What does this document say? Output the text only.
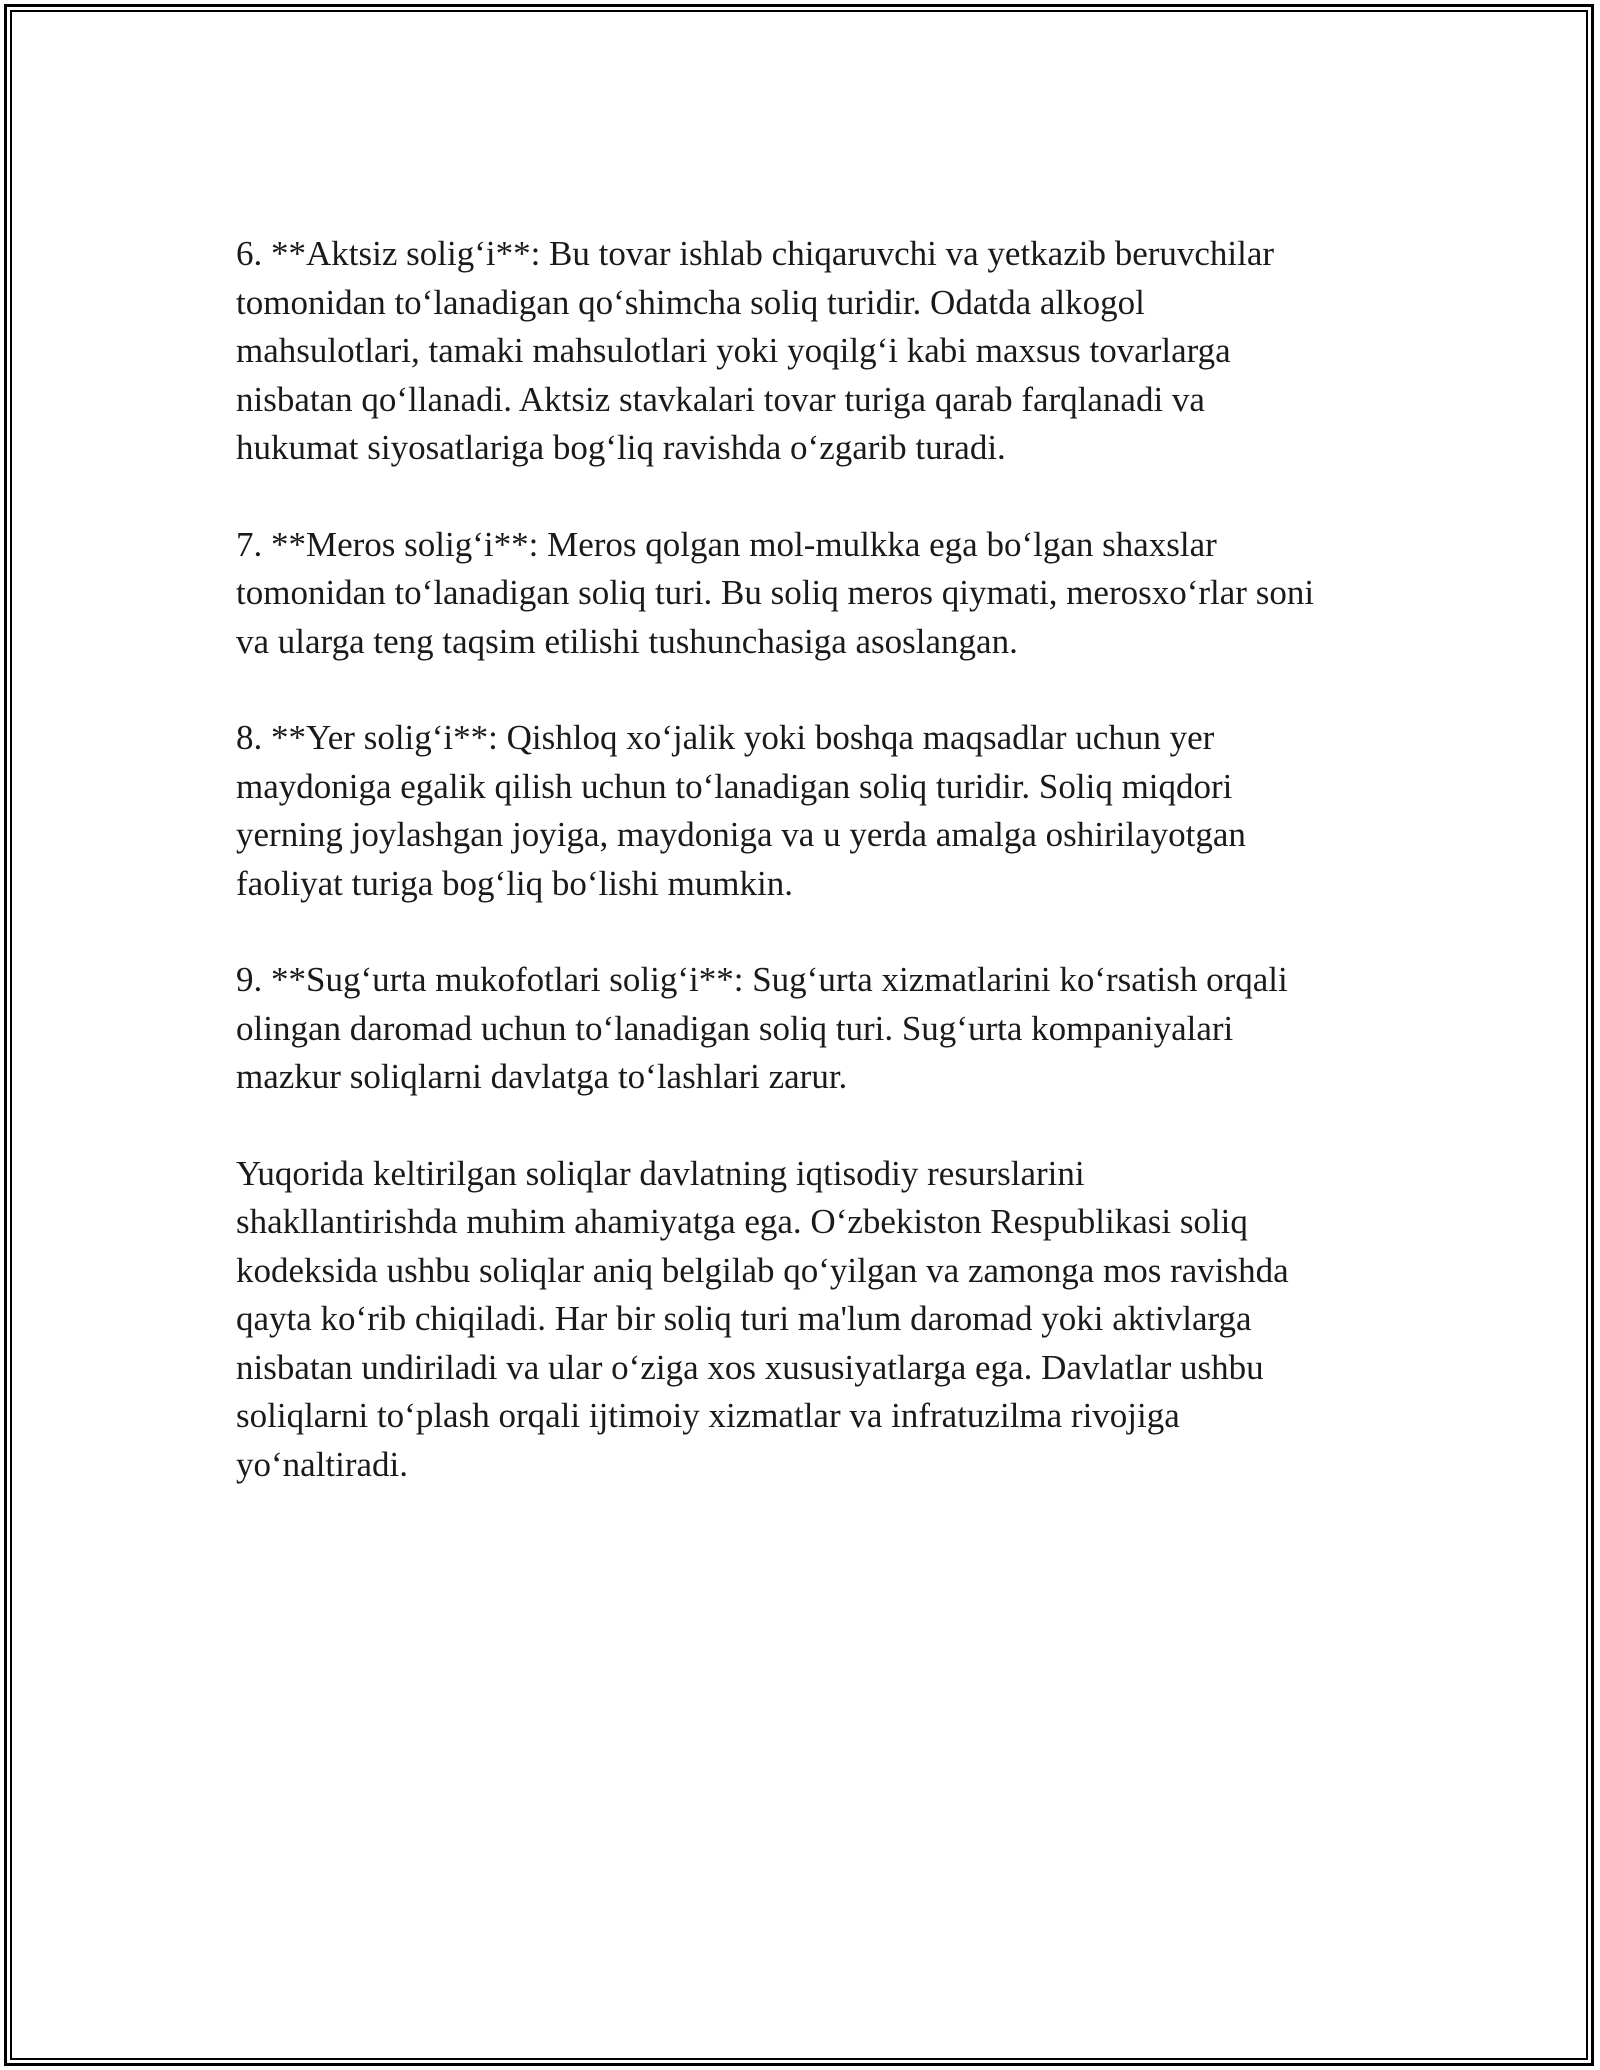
6. **Aktsiz solig‘i**: Bu tovar ishlab chiqaruvchi va yetkazib beruvchilar
tomonidan to‘lanadigan qo‘shimcha soliq turidir. Odatda alkogol
mahsulotlari, tamaki mahsulotlari yoki yoqilg‘i kabi maxsus tovarlarga
nisbatan qo‘llanadi. Aktsiz stavkalari tovar turiga qarab farqlanadi va
hukumat siyosatlariga bog‘liq ravishda o‘zgarib turadi.

7. **Meros solig‘i**: Meros qolgan mol-mulkka ega bo‘lgan shaxslar
tomonidan to‘lanadigan soliq turi. Bu soliq meros qiymati, merosxo‘rlar soni
va ularga teng taqsim etilishi tushunchasiga asoslangan.

8. **Yer solig‘i**: Qishloq xo‘jalik yoki boshqa maqsadlar uchun yer
maydoniga egalik qilish uchun to‘lanadigan soliq turidir. Soliq miqdori
yerning joylashgan joyiga, maydoniga va u yerda amalga oshirilayotgan
faoliyat turiga bog‘liq bo‘lishi mumkin.

9. **Sug‘urta mukofotlari solig‘i**: Sug‘urta xizmatlarini ko‘rsatish orqali
olingan daromad uchun to‘lanadigan soliq turi. Sug‘urta kompaniyalari
mazkur soliqlarni davlatga to‘lashlari zarur.

Yuqorida keltirilgan soliqlar davlatning iqtisodiy resurslarini
shakllantirishda muhim ahamiyatga ega. O‘zbekiston Respublikasi soliq
kodeksida ushbu soliqlar aniq belgilab qo‘yilgan va zamonga mos ravishda
qayta ko‘rib chiqiladi. Har bir soliq turi ma'lum daromad yoki aktivlarga
nisbatan undiriladi va ular o‘ziga xos xususiyatlarga ega. Davlatlar ushbu
soliqlarni to‘plash orqali ijtimoiy xizmatlar va infratuzilma rivojiga
yo‘naltiradi.
